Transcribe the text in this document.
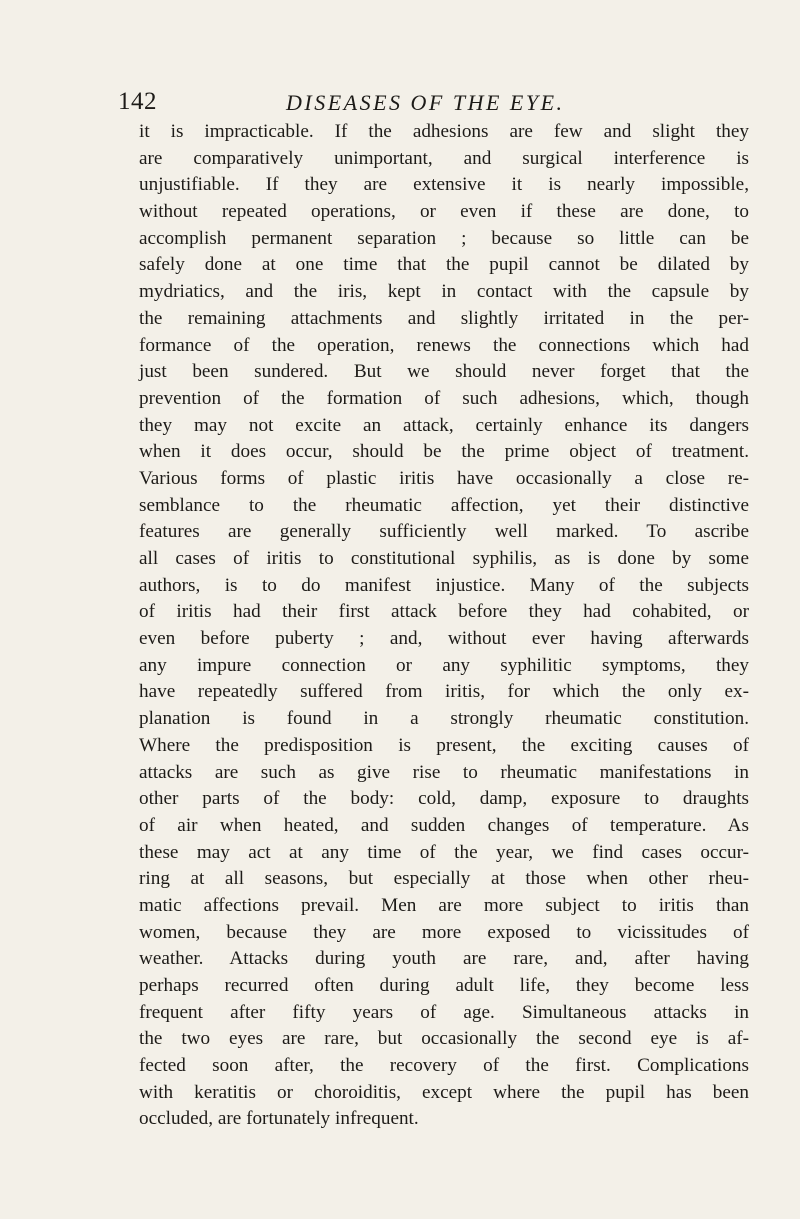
142	DISEASES OF THE EYE.
it is impracticable. If the adhesions are few and slight they
are comparatively unimportant, and surgical interference is
unjustifiable. If they are extensive it is nearly impossible,
without repeated operations, or even if these are done, to
accomplish permanent separation ; because so little can be
safely done at one time that the pupil cannot be dilated by
mydriatics, and the iris, kept in contact with the capsule by
the remaining attachments and slightly irritated in the per-
formance of the operation, renews the connections which had
just been sundered. But we should never forget that the
prevention of the formation of such adhesions, which, though
they may not excite an attack, certainly enhance its dangers
when it does occur, should be the prime object of treatment.
Various forms of plastic iritis have occasionally a close re-
semblance to the rheumatic affection, yet their distinctive
features are generally sufficiently well marked. To ascribe
all cases of iritis to constitutional syphilis, as is done by some
authors, is to do manifest injustice. Many of the subjects
of iritis had their first attack before they had cohabited, or
even before puberty ; and, without ever having afterwards
any impure connection or any syphilitic symptoms, they
have repeatedly suffered from iritis, for which the only ex-
planation is found in a strongly rheumatic constitution.
Where the predisposition is present, the exciting causes of
attacks are such as give rise to rheumatic manifestations in
other parts of the body: cold, damp, exposure to draughts
of air when heated, and sudden changes of temperature. As
these may act at any time of the year, we find cases occur-
ring at all seasons, but especially at those when other rheu-
matic affections prevail. Men are more subject to iritis than
women, because they are more exposed to vicissitudes of
weather. Attacks during youth are rare, and, after having
perhaps recurred often during adult life, they become less
frequent after fifty years of age. Simultaneous attacks in
the two eyes are rare, but occasionally the second eye is af-
fected soon after, the recovery of the first. Complications
with keratitis or choroiditis, except where the pupil has been
occluded, are fortunately infrequent.
